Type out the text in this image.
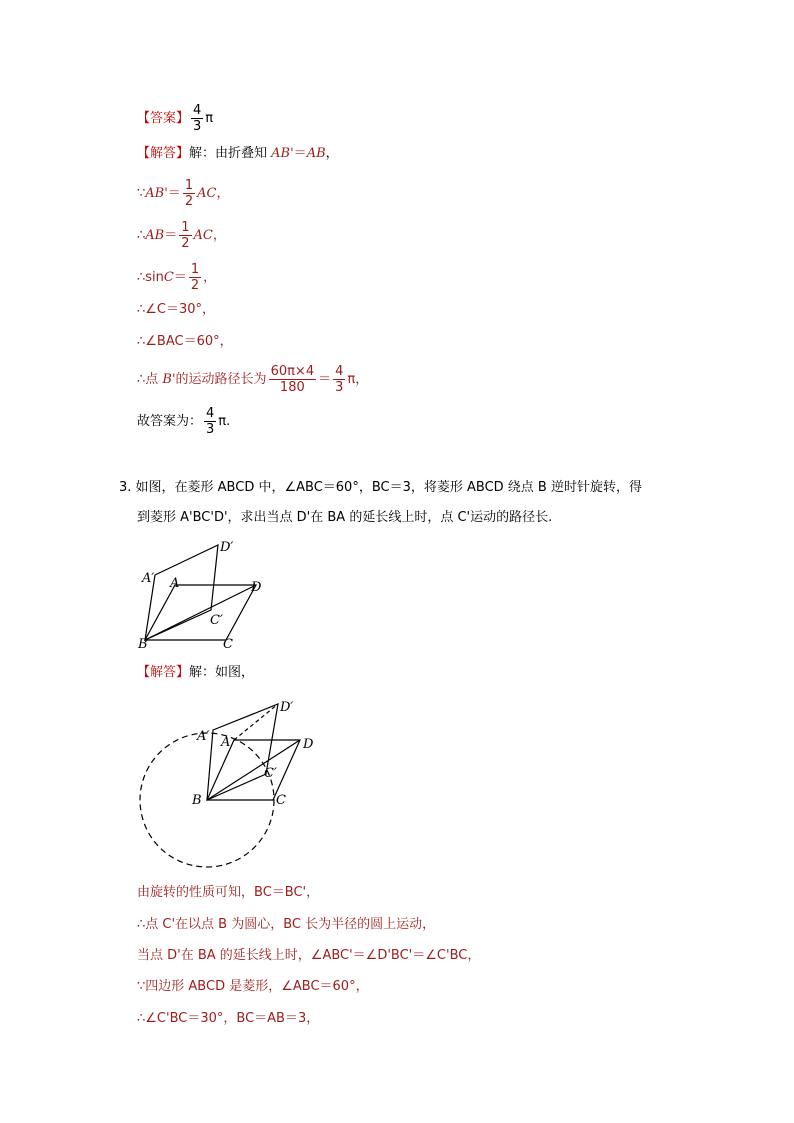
【答案】 $\frac{4}{3}$ π
【解答】解：由折叠知 AB'＝AB，
∵AB'＝ $\frac{1}{2}$ AC，
∴AB＝ $\frac{1}{2}$ AC，
∴sinC＝ $\frac{1}{2}$ ，
∴∠C＝30°，
∴∠BAC＝60°，
∴点 B'的运动路径长为 $\frac{60\pi\times 4}{180} = \frac{4}{3}$ π，
故答案为： $\frac{4}{3} \pi$.
3. 如图，在菱形 ABCD 中，∠ABC＝60°，BC＝3，将菱形 ABCD 绕点 B 逆时针旋转，得
到菱形 A'BC'D'，求出当点 D'在 BA 的延长线上时，点 C'运动的路径长.
A′ A
D′
D
C′
B	C
【解答】解：如图，
A′ A
D′
D
C′
B	C
由旋转的性质可知，BC＝BC'，
∴点 C'在以点 B 为圆心，BC 长为半径的圆上运动，
当点 D'在 BA 的延长线上时，∠ABC'＝∠D'BC'＝∠C'BC，
∵四边形 ABCD 是菱形，∠ABC＝60°，
∴∠C'BC＝30°，BC＝AB＝3，
